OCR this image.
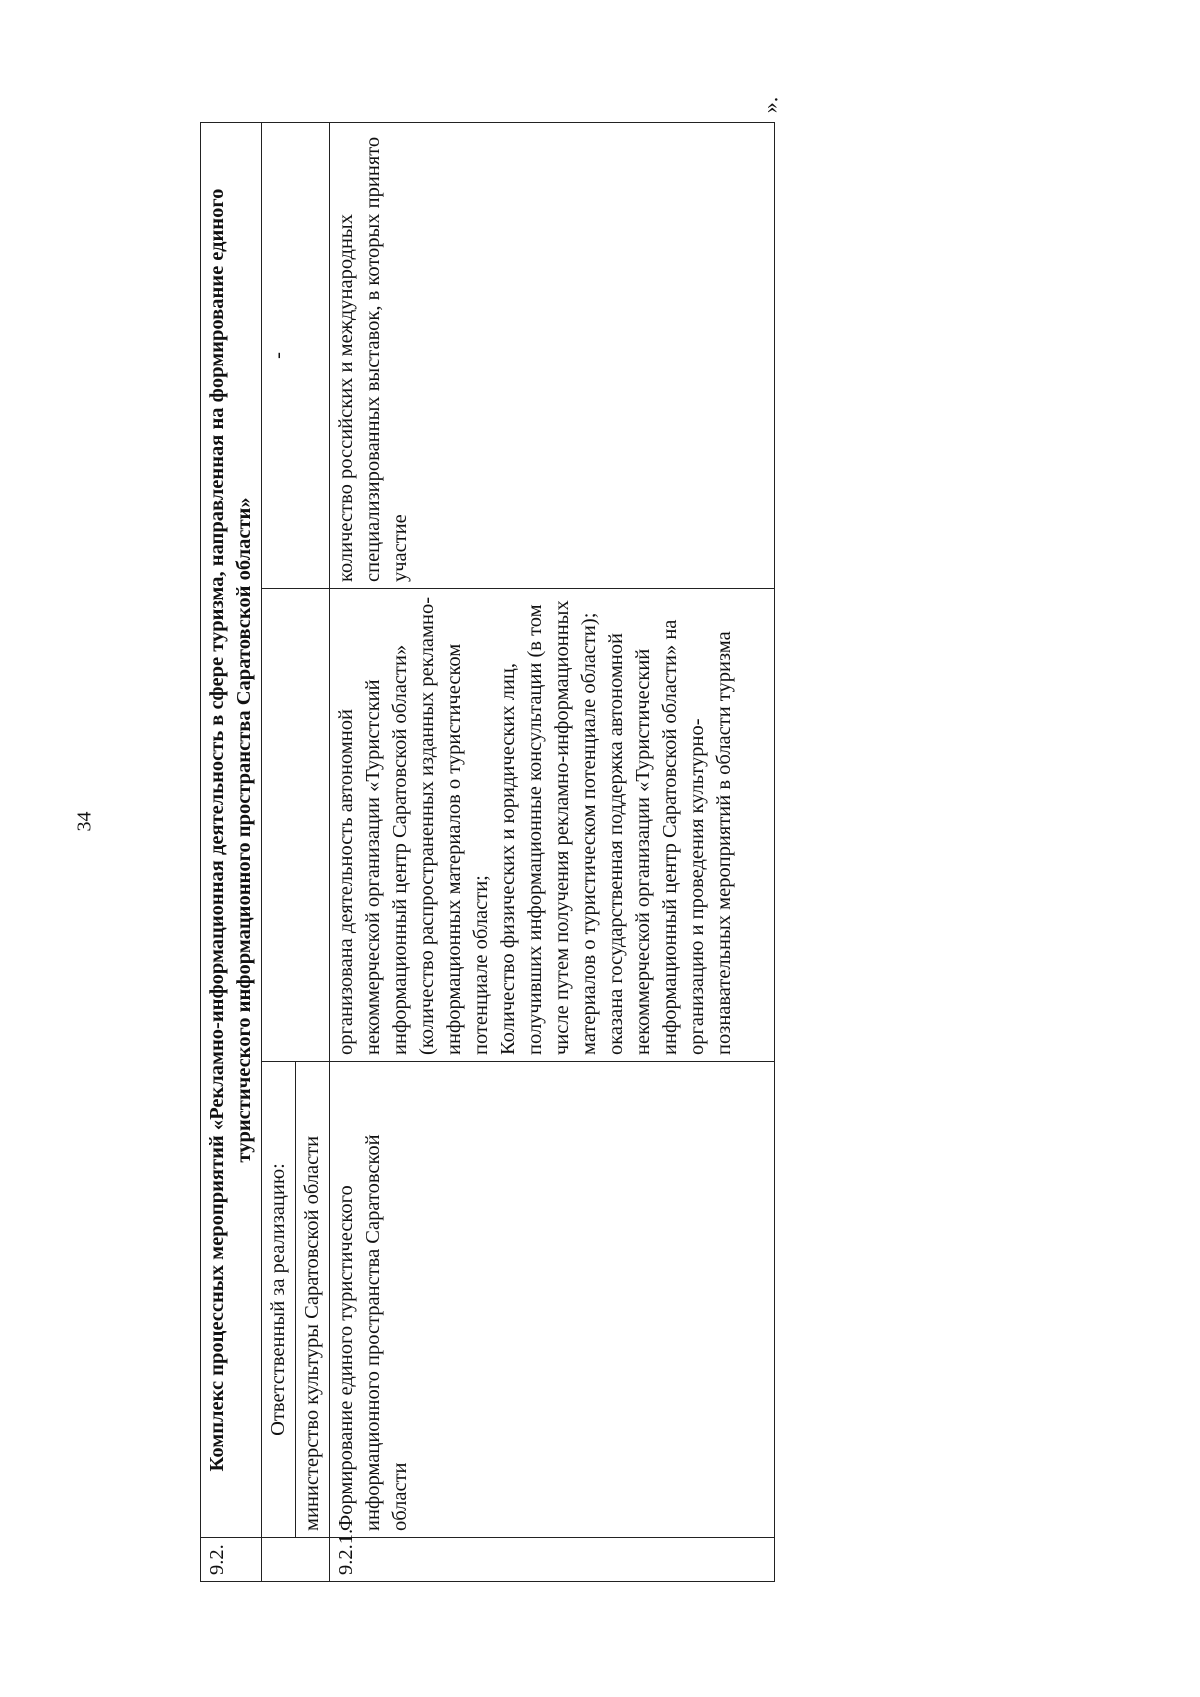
34
».
9.2.	Комплекс процессных мероприятий «Рекламно-информационная деятельность в сфере туризма, направленная на формирование единого туристического информационного пространства Саратовской области»		
	Ответственный за реализацию:		-
	министерство культуры Саратовской области		
9.2.1.	Формирование единого туристического информационного пространства Саратовской области	организована деятельность автономной некоммерческой организации «Туристский информационный центр Саратовской области» (количество распространенных изданных рекламно-информационных материалов о туристическом потенциале области; Количество физических и юридических лиц, получивших информационные консультации (в том числе путем получения рекламно-информационных материалов о туристическом потенциале области); оказана государственная поддержка автономной некоммерческой организации «Туристический информационный центр Саратовской области» на организацию и проведения культурно-познавательных мероприятий в области туризма	количество российских и международных специализированных выставок, в которых принято участие
